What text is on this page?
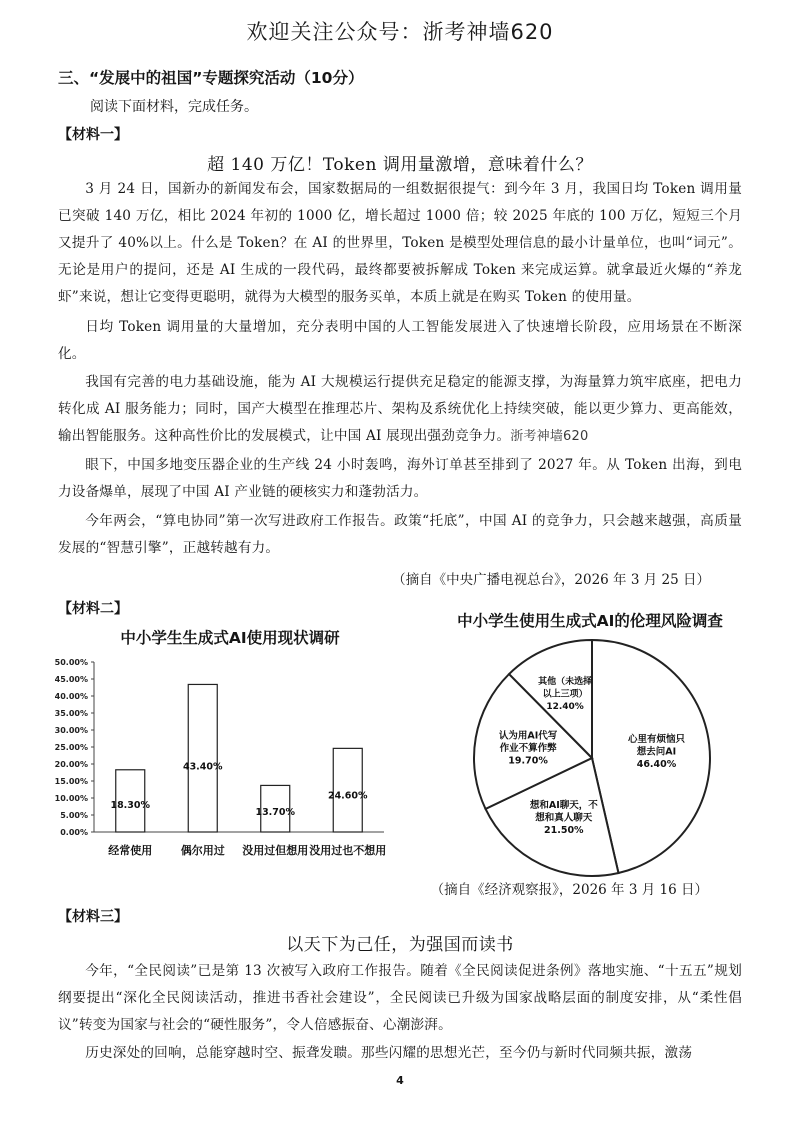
欢迎关注公众号：浙考神墙620
三、“发展中的祖国”专题探究活动（10分）
阅读下面材料，完成任务。
【材料一】
超 140 万亿！Token 调用量激增，意味着什么？
3 月 24 日，国新办的新闻发布会，国家数据局的一组数据很提气：到今年 3 月，我国日均 Token 调用量已突破 140 万亿，相比 2024 年初的 1000 亿，增长超过 1000 倍；较 2025 年底的 100 万亿，短短三个月又提升了 40%以上。什么是 Token？在 AI 的世界里，Token 是模型处理信息的最小计量单位，也叫“词元”。无论是用户的提问，还是 AI 生成的一段代码，最终都要被拆解成 Token 来完成运算。就拿最近火爆的“养龙虾”来说，想让它变得更聪明，就得为大模型的服务买单，本质上就是在购买 Token 的使用量。
日均 Token 调用量的大量增加，充分表明中国的人工智能发展进入了快速增长阶段，应用场景在不断深化。
我国有完善的电力基础设施，能为 AI 大规模运行提供充足稳定的能源支撑，为海量算力筑牢底座，把电力转化成 AI 服务能力；同时，国产大模型在推理芯片、架构及系统优化上持续突破，能以更少算力、更高能效，输出智能服务。这种高性价比的发展模式，让中国 AI 展现出强劲竞争力。浙考神墙620
眼下，中国多地变压器企业的生产线 24 小时轰鸣，海外订单甚至排到了 2027 年。从 Token 出海，到电力设备爆单，展现了中国 AI 产业链的硬核实力和蓬勃活力。
今年两会，“算电协同”第一次写进政府工作报告。政策“托底”，中国 AI 的竞争力，只会越来越强，高质量发展的“智慧引擎”，正越转越有力。
（摘自《中央广播电视总台》，2026 年 3 月 25 日）
【材料二】
中小学生生成式AI使用现状调研
0.00%
5.00%
10.00%
15.00%
20.00%
25.00%
30.00%
35.00%
40.00%
45.00%
50.00%
18.30%
经常使用
43.40%
偶尔用过
13.70%
没用过但想用
24.60%
没用过也不想用
中小学生使用生成式AI的伦理风险调查
心里有烦恼只
想去问AI
46.40%
想和AI聊天，不
想和真人聊天
21.50%
认为用AI代写
作业不算作弊
19.70%
其他（未选择
以上三项）
12.40%
（摘自《经济观察报》，2026 年 3 月 16 日）
【材料三】
以天下为己任，为强国而读书
今年，“全民阅读”已是第 13 次被写入政府工作报告。随着《全民阅读促进条例》落地实施、“十五五”规划纲要提出“深化全民阅读活动，推进书香社会建设”，全民阅读已升级为国家战略层面的制度安排，从“柔性倡议”转变为国家与社会的“硬性服务”，令人倍感振奋、心潮澎湃。
历史深处的回响，总能穿越时空、振聋发聩。那些闪耀的思想光芒，至今仍与新时代同频共振，激荡
4
